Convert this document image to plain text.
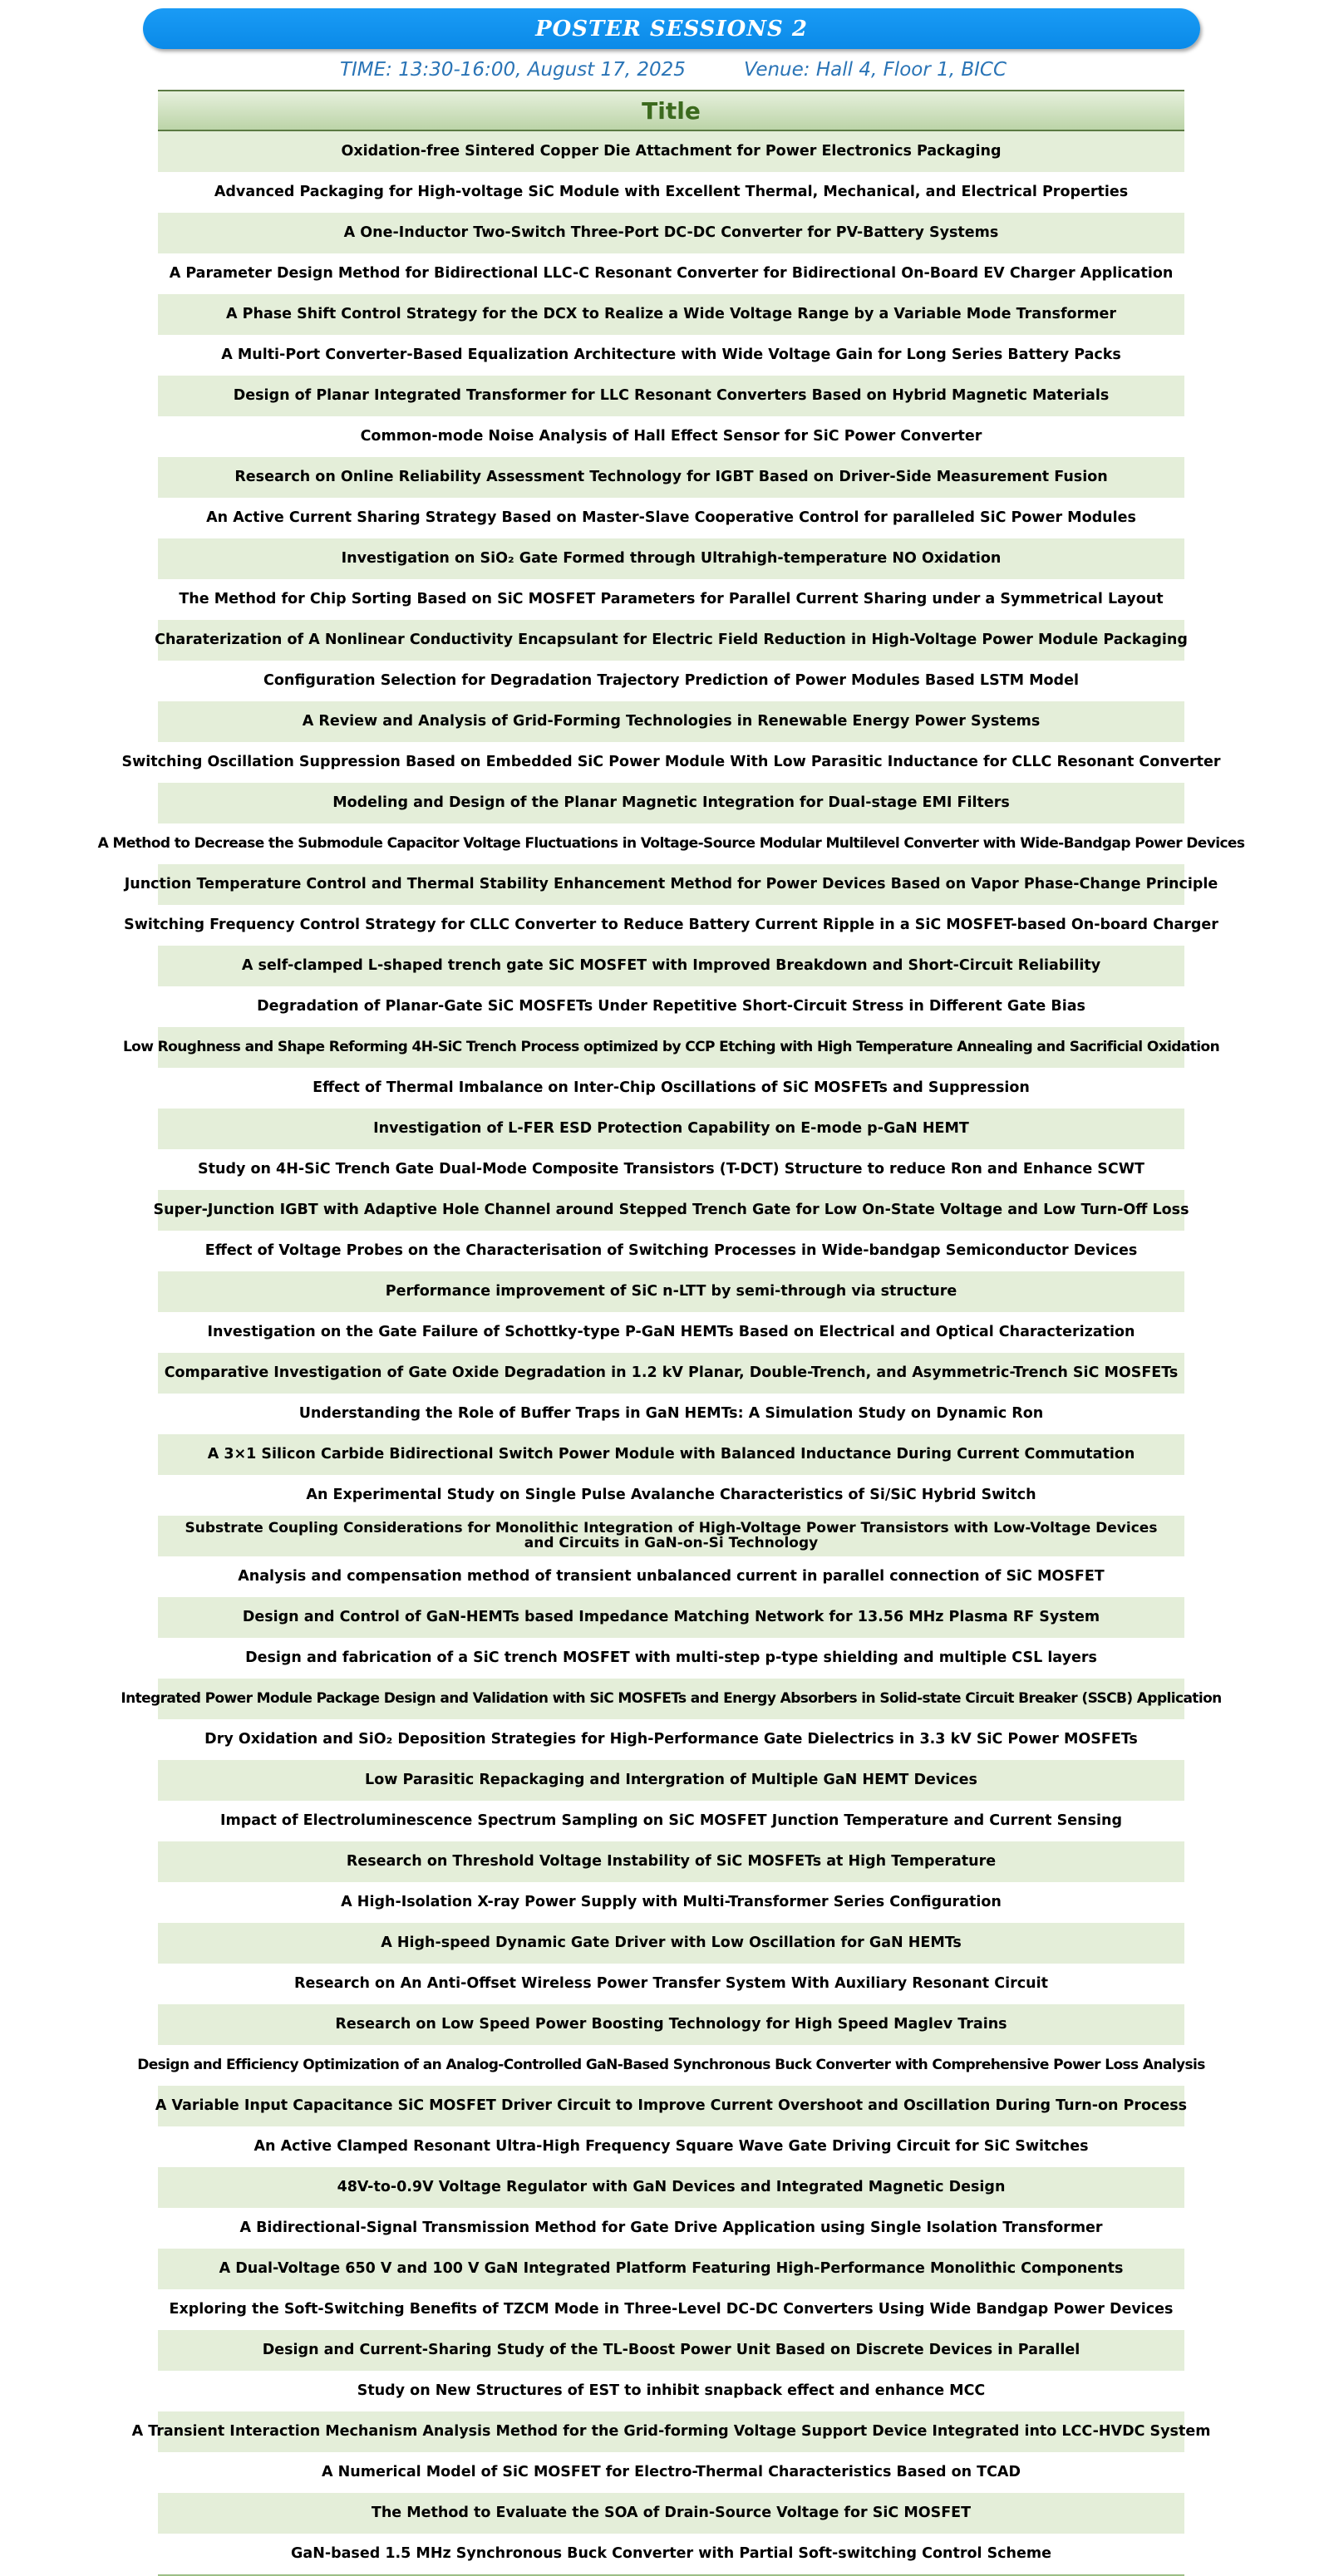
POSTER SESSIONS 2
TIME: 13:30-16:00, August 17, 2025	Venue: Hall 4, Floor 1, BICC
Title
Oxidation-free Sintered Copper Die Attachment for Power Electronics Packaging
Advanced Packaging for High-voltage SiC Module with Excellent Thermal, Mechanical, and Electrical Properties
A One-Inductor Two-Switch Three-Port DC-DC Converter for PV-Battery Systems
A Parameter Design Method for Bidirectional LLC-C Resonant Converter for Bidirectional On-Board EV Charger Application
A Phase Shift Control Strategy for the DCX to Realize a Wide Voltage Range by a Variable Mode Transformer
A Multi-Port Converter-Based Equalization Architecture with Wide Voltage Gain for Long Series Battery Packs
Design of Planar Integrated Transformer for LLC Resonant Converters Based on Hybrid Magnetic Materials
Common-mode Noise Analysis of Hall Effect Sensor for SiC Power Converter
Research on Online Reliability Assessment Technology for IGBT Based on Driver-Side Measurement Fusion
An Active Current Sharing Strategy Based on Master-Slave Cooperative Control for paralleled SiC Power Modules
Investigation on SiO₂ Gate Formed through Ultrahigh-temperature NO Oxidation
The Method for Chip Sorting Based on SiC MOSFET Parameters for Parallel Current Sharing under a Symmetrical Layout
Charaterization of A Nonlinear Conductivity Encapsulant for Electric Field Reduction in High-Voltage Power Module Packaging
Configuration Selection for Degradation Trajectory Prediction of Power Modules Based LSTM Model
A Review and Analysis of Grid-Forming Technologies in Renewable Energy Power Systems
Switching Oscillation Suppression Based on Embedded SiC Power Module With Low Parasitic Inductance for CLLC Resonant Converter
Modeling and Design of the Planar Magnetic Integration for Dual-stage EMI Filters
A Method to Decrease the Submodule Capacitor Voltage Fluctuations in Voltage-Source Modular Multilevel Converter with Wide-Bandgap Power Devices
Junction Temperature Control and Thermal Stability Enhancement Method for Power Devices Based on Vapor Phase-Change Principle
Switching Frequency Control Strategy for CLLC Converter to Reduce Battery Current Ripple in a SiC MOSFET-based On-board Charger
A self-clamped L-shaped trench gate SiC MOSFET with Improved Breakdown and Short-Circuit Reliability
Degradation of Planar-Gate SiC MOSFETs Under Repetitive Short-Circuit Stress in Different Gate Bias
Low Roughness and Shape Reforming 4H-SiC Trench Process optimized by CCP Etching with High Temperature Annealing and Sacrificial Oxidation
Effect of Thermal Imbalance on Inter-Chip Oscillations of SiC MOSFETs and Suppression
Investigation of L-FER ESD Protection Capability on E-mode p-GaN HEMT
Study on 4H-SiC Trench Gate Dual-Mode Composite Transistors (T-DCT) Structure to reduce Ron and Enhance SCWT
Super-Junction IGBT with Adaptive Hole Channel around Stepped Trench Gate for Low On-State Voltage and Low Turn-Off Loss
Effect of Voltage Probes on the Characterisation of Switching Processes in Wide-bandgap Semiconductor Devices
Performance improvement of SiC n-LTT by semi-through via structure
Investigation on the Gate Failure of Schottky-type P-GaN HEMTs Based on Electrical and Optical Characterization
Comparative Investigation of Gate Oxide Degradation in 1.2 kV Planar, Double-Trench, and Asymmetric-Trench SiC MOSFETs
Understanding the Role of Buffer Traps in GaN HEMTs: A Simulation Study on Dynamic Ron
A 3×1 Silicon Carbide Bidirectional Switch Power Module with Balanced Inductance During Current Commutation
An Experimental Study on Single Pulse Avalanche Characteristics of Si/SiC Hybrid Switch
Substrate Coupling Considerations for Monolithic Integration of High-Voltage Power Transistors with Low-Voltage Devices and Circuits in GaN-on-Si Technology
Analysis and compensation method of transient unbalanced current in parallel connection of SiC MOSFET
Design and Control of GaN-HEMTs based Impedance Matching Network for 13.56 MHz Plasma RF System
Design and fabrication of a SiC trench MOSFET with multi-step p-type shielding and multiple CSL layers
Integrated Power Module Package Design and Validation with SiC MOSFETs and Energy Absorbers in Solid-state Circuit Breaker (SSCB) Application
Dry Oxidation and SiO₂ Deposition Strategies for High-Performance Gate Dielectrics in 3.3 kV SiC Power MOSFETs
Low Parasitic Repackaging and Intergration of Multiple GaN HEMT Devices
Impact of Electroluminescence Spectrum Sampling on SiC MOSFET Junction Temperature and Current Sensing
Research on Threshold Voltage Instability of SiC MOSFETs at High Temperature
A High-Isolation X-ray Power Supply with Multi-Transformer Series Configuration
A High-speed Dynamic Gate Driver with Low Oscillation for GaN HEMTs
Research on An Anti-Offset Wireless Power Transfer System With Auxiliary Resonant Circuit
Research on Low Speed Power Boosting Technology for High Speed Maglev Trains
Design and Efficiency Optimization of an Analog-Controlled GaN-Based Synchronous Buck Converter with Comprehensive Power Loss Analysis
A Variable Input Capacitance SiC MOSFET Driver Circuit to Improve Current Overshoot and Oscillation During Turn-on Process
An Active Clamped Resonant Ultra-High Frequency Square Wave Gate Driving Circuit for SiC Switches
48V-to-0.9V Voltage Regulator with GaN Devices and Integrated Magnetic Design
A Bidirectional-Signal Transmission Method for Gate Drive Application using Single Isolation Transformer
A Dual-Voltage 650 V and 100 V GaN Integrated Platform Featuring High-Performance Monolithic Components
Exploring the Soft-Switching Benefits of TZCM Mode in Three-Level DC-DC Converters Using Wide Bandgap Power Devices
Design and Current-Sharing Study of the TL-Boost Power Unit Based on Discrete Devices in Parallel
Study on New Structures of EST to inhibit snapback effect and enhance MCC
A Transient Interaction Mechanism Analysis Method for the Grid-forming Voltage Support Device Integrated into LCC-HVDC System
A Numerical Model of SiC MOSFET for Electro-Thermal Characteristics Based on TCAD
The Method to Evaluate the SOA of Drain-Source Voltage for SiC MOSFET
GaN-based 1.5 MHz Synchronous Buck Converter with Partial Soft-switching Control Scheme
